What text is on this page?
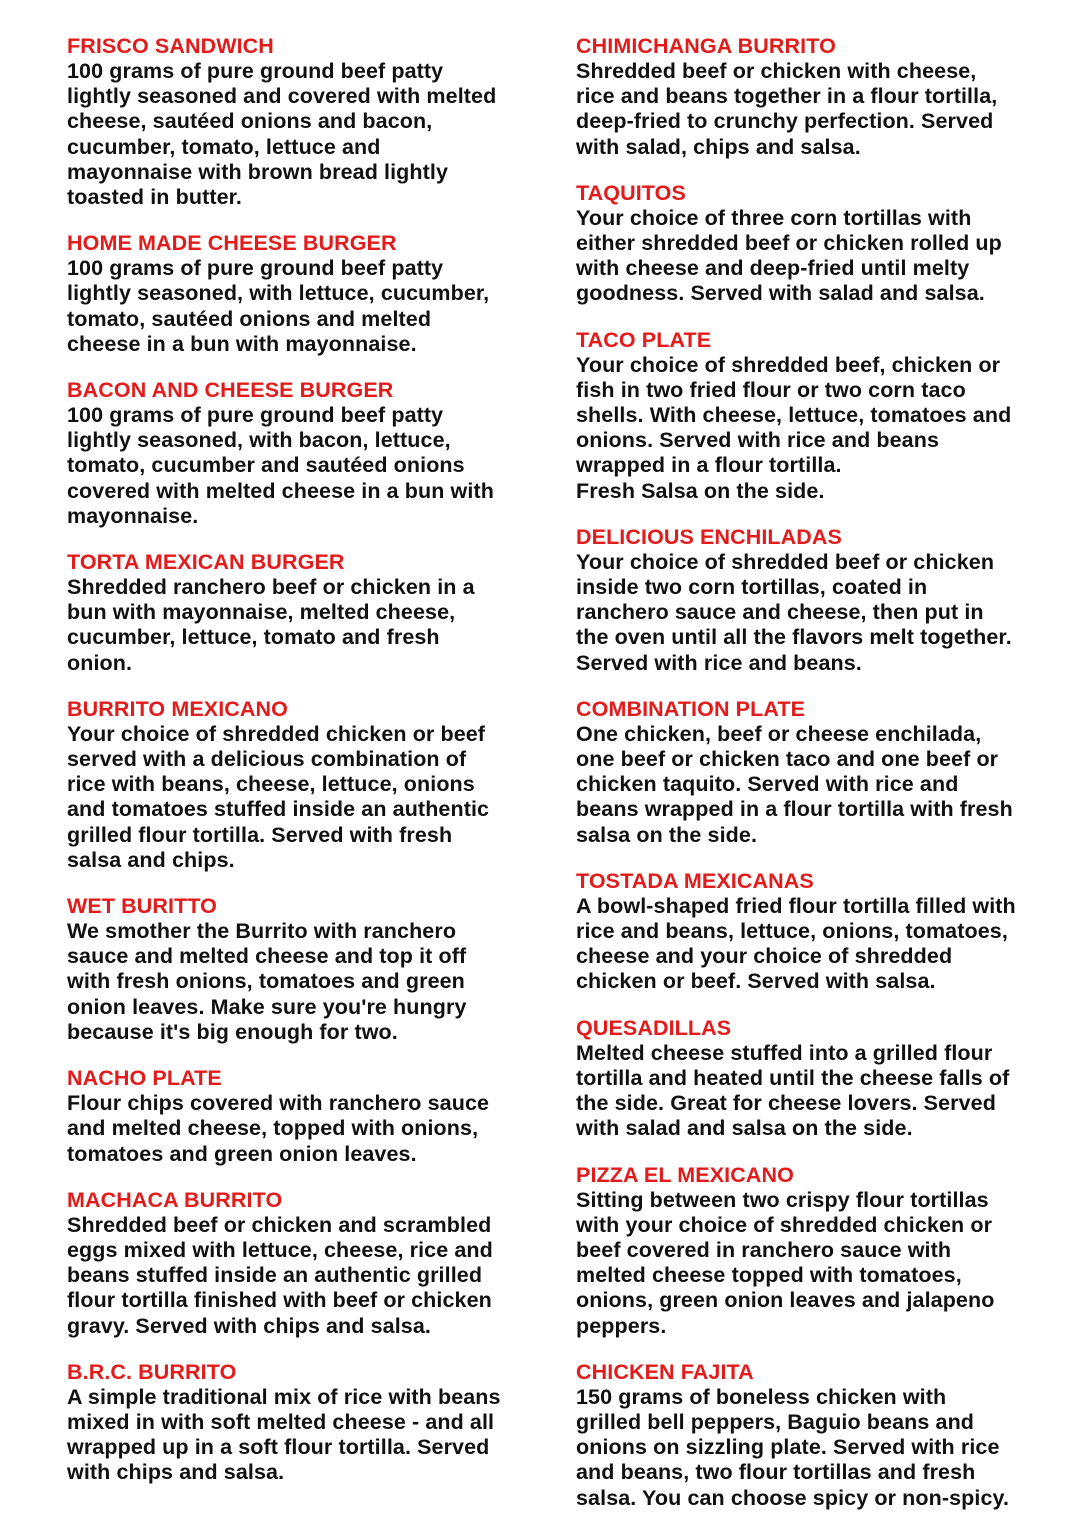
FRISCO SANDWICH
100 grams of pure ground beef patty
lightly seasoned and covered with melted
cheese, sautéed onions and bacon,
cucumber, tomato, lettuce and
mayonnaise with brown bread lightly
toasted in butter.
HOME MADE CHEESE BURGER
100 grams of pure ground beef patty
lightly seasoned, with lettuce, cucumber,
tomato, sautéed onions and melted
cheese in a bun with mayonnaise.
BACON AND CHEESE BURGER
100 grams of pure ground beef patty
lightly seasoned, with bacon, lettuce,
tomato, cucumber and sautéed onions
covered with melted cheese in a bun with
mayonnaise.
TORTA MEXICAN BURGER
Shredded ranchero beef or chicken in a
bun with mayonnaise, melted cheese,
cucumber, lettuce, tomato and fresh
onion.
BURRITO MEXICANO
Your choice of shredded chicken or beef
served with a delicious combination of
rice with beans, cheese, lettuce, onions
and tomatoes stuffed inside an authentic
grilled flour tortilla. Served with fresh
salsa and chips.
WET BURITTO
We smother the Burrito with ranchero
sauce and melted cheese and top it off
with fresh onions, tomatoes and green
onion leaves. Make sure you're hungry
because it's big enough for two.
NACHO PLATE
Flour chips covered with ranchero sauce
and melted cheese, topped with onions,
tomatoes and green onion leaves.
MACHACA BURRITO
Shredded beef or chicken and scrambled
eggs mixed with lettuce, cheese, rice and
beans stuffed inside an authentic grilled
flour tortilla finished with beef or chicken
gravy. Served with chips and salsa.
B.R.C. BURRITO
A simple traditional mix of rice with beans
mixed in with soft melted cheese - and all
wrapped up in a soft flour tortilla. Served
with chips and salsa.
CHIMICHANGA BURRITO
Shredded beef or chicken with cheese,
rice and beans together in a flour tortilla,
deep-fried to crunchy perfection. Served
with salad, chips and salsa.
TAQUITOS
Your choice of three corn tortillas with
either shredded beef or chicken rolled up
with cheese and deep-fried until melty
goodness. Served with salad and salsa.
TACO PLATE
Your choice of shredded beef, chicken or
fish in two fried flour or two corn taco
shells. With cheese, lettuce, tomatoes and
onions. Served with rice and beans
wrapped in a flour tortilla.
Fresh Salsa on the side.
DELICIOUS ENCHILADAS
Your choice of shredded beef or chicken
inside two corn tortillas, coated in
ranchero sauce and cheese, then put in
the oven until all the flavors melt together.
Served with rice and beans.
COMBINATION PLATE
One chicken, beef or cheese enchilada,
one beef or chicken taco and one beef or
chicken taquito. Served with rice and
beans wrapped in a flour tortilla with fresh
salsa on the side.
TOSTADA MEXICANAS
A bowl-shaped fried flour tortilla filled with
rice and beans, lettuce, onions, tomatoes,
cheese and your choice of shredded
chicken or beef. Served with salsa.
QUESADILLAS
Melted cheese stuffed into a grilled flour
tortilla and heated until the cheese falls of
the side. Great for cheese lovers. Served
with salad and salsa on the side.
PIZZA EL MEXICANO
Sitting between two crispy flour tortillas
with your choice of shredded chicken or
beef covered in ranchero sauce with
melted cheese topped with tomatoes,
onions, green onion leaves and jalapeno
peppers.
CHICKEN FAJITA
150 grams of boneless chicken with
grilled bell peppers, Baguio beans and
onions on sizzling plate. Served with rice
and beans, two flour tortillas and fresh
salsa. You can choose spicy or non-spicy.
